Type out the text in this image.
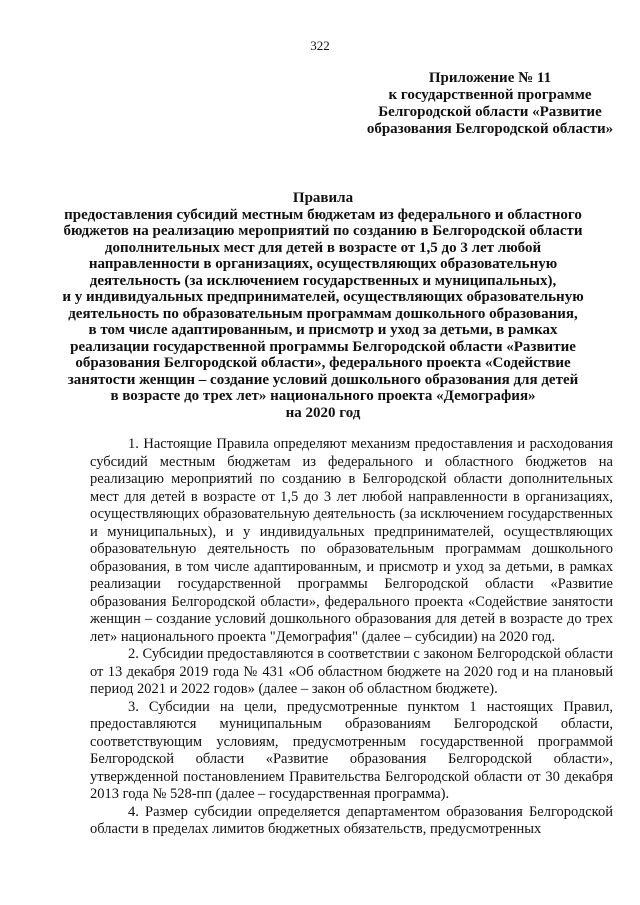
322
Приложение № 11
к государственной программе
Белгородской области «Развитие
образования Белгородской области»
Правила
предоставления субсидий местным бюджетам из федерального и областного
бюджетов на реализацию мероприятий по созданию в Белгородской области
дополнительных мест для детей в возрасте от 1,5 до 3 лет любой
направленности в организациях, осуществляющих образовательную
деятельность (за исключением государственных и муниципальных),
и у индивидуальных предпринимателей, осуществляющих образовательную
деятельность по образовательным программам дошкольного образования,
в том числе адаптированным, и присмотр и уход за детьми, в рамках
реализации государственной программы Белгородской области «Развитие
образования Белгородской области», федерального проекта «Содействие
занятости женщин – создание условий дошкольного образования для детей
в возрасте до трех лет» национального проекта «Демография»
на 2020 год

1. Настоящие Правила определяют механизм предоставления и расходования субсидий местным бюджетам из федерального и областного бюджетов на реализацию мероприятий по созданию в Белгородской области дополнительных мест для детей в возрасте от 1,5 до 3 лет любой направленности в организациях, осуществляющих образовательную деятельность (за исключением государственных и муниципальных), и у индивидуальных предпринимателей, осуществляющих образовательную деятельность по образовательным программам дошкольного образования, в том числе адаптированным, и присмотр и уход за детьми, в рамках реализации государственной программы Белгородской области «Развитие образования Белгородской области», федерального проекта «Содействие занятости женщин – создание условий дошкольного образования для детей в возрасте до трех лет» национального проекта "Демография" (далее – субсидии) на 2020 год.

2. Субсидии предоставляются в соответствии с законом Белгородской области от 13 декабря 2019 года № 431 «Об областном бюджете на 2020 год и на плановый период 2021 и 2022 годов» (далее – закон об областном бюджете).

3. Субсидии на цели, предусмотренные пунктом 1 настоящих Правил, предоставляются муниципальным образованиям Белгородской области, соответствующим условиям, предусмотренным государственной программой Белгородской области «Развитие образования Белгородской области», утвержденной постановлением Правительства Белгородской области от 30 декабря 2013 года № 528-пп (далее – государственная программа).

4. Размер субсидии определяется департаментом образования Белгородской области в пределах лимитов бюджетных обязательств, предусмотренных
